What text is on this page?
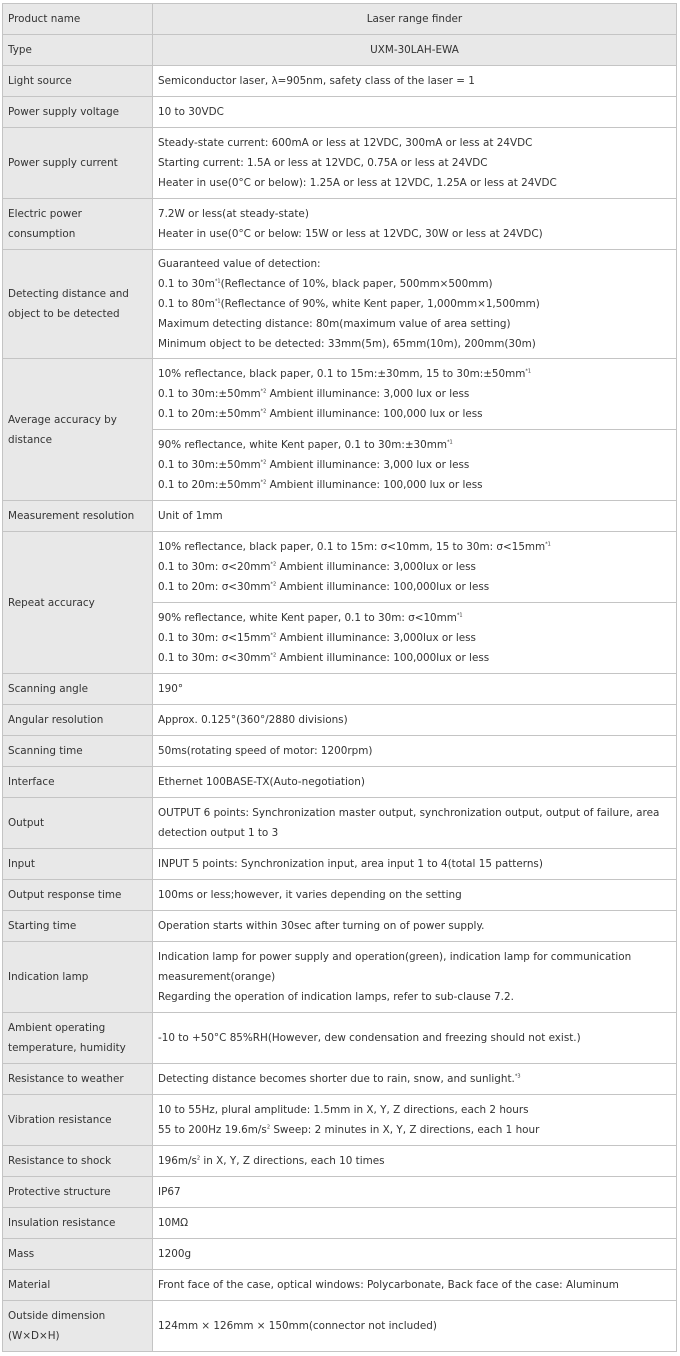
Product name	Laser range finder
Type	UXM-30LAH-EWA
Light source	Semiconductor laser, λ=905nm, safety class of the laser = 1

Power supply voltage	10 to 30VDC

Power supply current	Steady-state current: 600mA or less at 12VDC, 300mA or less at 24VDC
Starting current: 1.5A or less at 12VDC, 0.75A or less at 24VDC
Heater in use(0°C or below): 1.25A or less at 12VDC, 1.25A or less at 24VDC

Electric power consumption	7.2W or less(at steady-state)
Heater in use(0°C or below: 15W or less at 12VDC, 30W or less at 24VDC)

Detecting distance and object to be detected	Guaranteed value of detection:
0.1 to $30m^{*1}(Reflectance$ of 10%, black paper, 500mm×500mm)
0.1 to $80m^{*1}(Reflectance$ of 90%, white Kent paper, 1,000mm×1,500mm)
Maximum detecting distance: 80m(maximum value of area setting)
Minimum object to be detected: 33mm(5m), 65mm(10m), 200mm(30m)

Average accuracy by distance	10% reflectance, black paper, 0.1 to 15m:±30mm, 15 to $30m:\pm 50mm^{*1}$
0.1 to $30m:\pm 50mm^{*2}$ Ambient illuminance: 3,000 lux or less
0.1 to $20m:\pm 50mm^{*2}$ Ambient illuminance: 100,000 lux or less

	90% reflectance, white Kent paper, 0.1 to $30m:\pm 30mm^{*1}$
0.1 to $30m:\pm 50mm^{*2}$ Ambient illuminance: 3,000 lux or less
0.1 to $20m:\pm 50mm^{*2}$ Ambient illuminance: 100,000 lux or less

Measurement resolution	Unit of 1mm

Repeat accuracy	10% reflectance, black paper, 0.1 to 15m: σ<10mm, 15 to 30m: $\sigma<15mm^{*1}$
0.1 to 30m: $\sigma<20mm^{*2}$ Ambient illuminance: 3,000lux or less
0.1 to 20m: $\sigma<30mm^{*2}$ Ambient illuminance: 100,000lux or less

	90% reflectance, white Kent paper, 0.1 to 30m: $\sigma<10mm^{*1}$
0.1 to 30m: $\sigma<15mm^{*2}$ Ambient illuminance: 3,000lux or less
0.1 to 30m: $\sigma<30mm^{*2}$ Ambient illuminance: 100,000lux or less

Scanning angle	190°

Angular resolution	Approx. 0.125°(360°/2880 divisions)

Scanning time	50ms(rotating speed of motor: 1200rpm)

Interface	Ethernet 100BASE-TX(Auto-negotiation)

Output	OUTPUT 6 points: Synchronization master output, synchronization output, output of failure, area detection output 1 to 3

Input	INPUT 5 points: Synchronization input, area input 1 to 4(total 15 patterns)

Output response time	100ms or less;however, it varies depending on the setting

Starting time	Operation starts within 30sec after turning on of power supply.

Indication lamp	Indication lamp for power supply and operation(green), indication lamp for communication measurement(orange)
Regarding the operation of indication lamps, refer to sub-clause 7.2.

Ambient operating temperature, humidity	-10 to +50°C 85%RH(However, dew condensation and freezing should not exist.)

Resistance to weather	Detecting distance becomes shorter due to rain, snow, and sunlight.$^{*3}$

Vibration resistance	10 to 55Hz, plural amplitude: 1.5mm in X, Y, Z directions, each 2 hours
55 to 200Hz $19.6m/s^2$ Sweep: 2 minutes in X, Y, Z directions, each 1 hour

Resistance to shock	$196m/s^2$ in X, Y, Z directions, each 10 times

Protective structure	IP67

Insulation resistance	10MΩ

Mass	1200g

Material	Front face of the case, optical windows: Polycarbonate, Back face of the case: Aluminum

Outside dimension (W×D×H)	124mm × 126mm × 150mm(connector not included)
